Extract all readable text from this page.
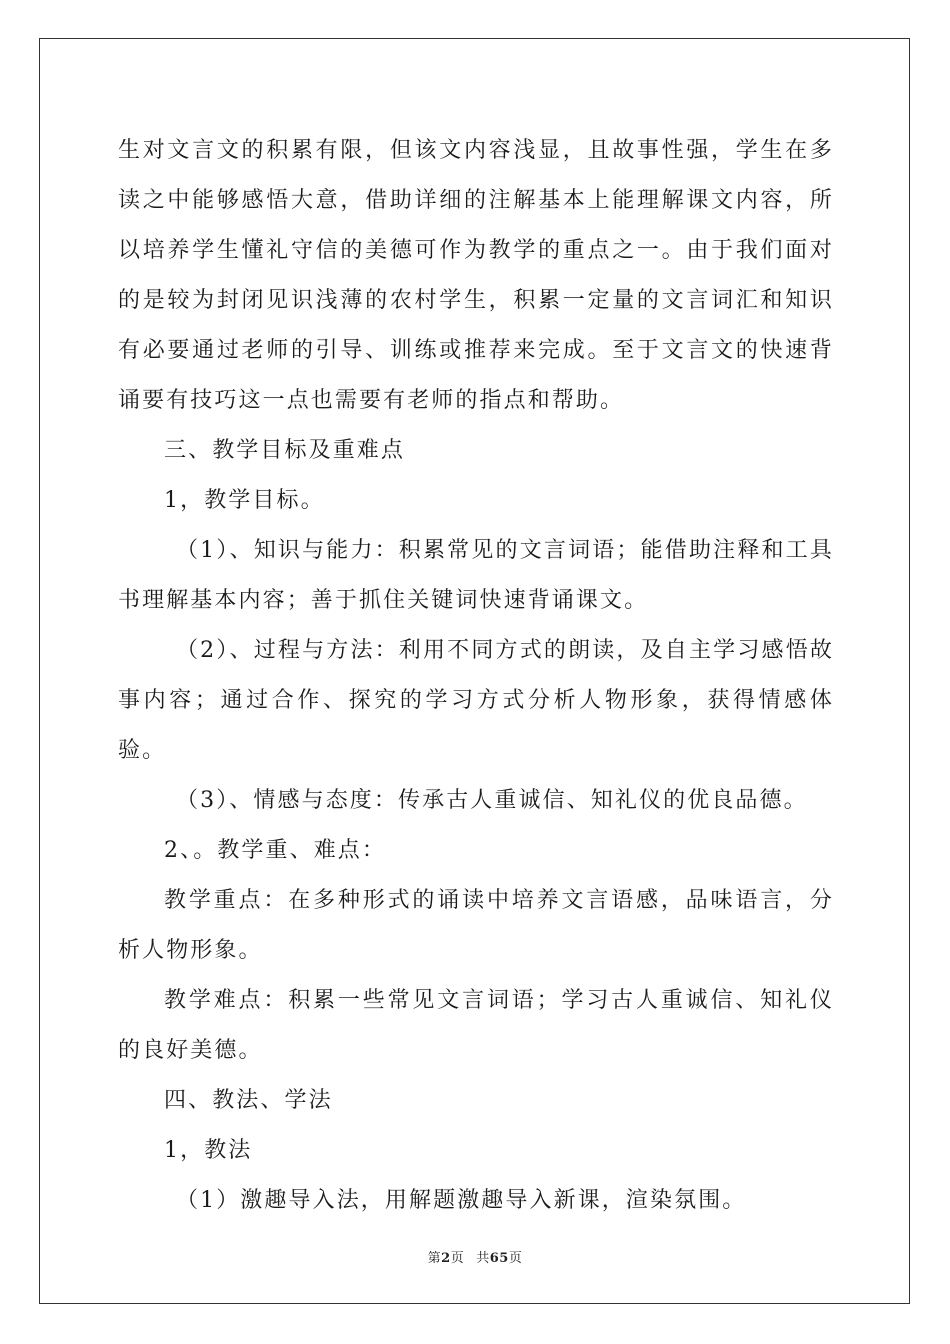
生对文言文的积累有限，但该文内容浅显，且故事性强，学生在多读之中能够感悟大意，借助详细的注解基本上能理解课文内容，所以培养学生懂礼守信的美德可作为教学的重点之一。由于我们面对的是较为封闭见识浅薄的农村学生，积累一定量的文言词汇和知识有必要通过老师的引导、训练或推荐来完成。至于文言文的快速背诵要有技巧这一点也需要有老师的指点和帮助。

三、教学目标及重难点

1，教学目标。

（1）、知识与能力：积累常见的文言词语；能借助注释和工具书理解基本内容；善于抓住关键词快速背诵课文。

（2）、过程与方法：利用不同方式的朗读，及自主学习感悟故事内容；通过合作、探究的学习方式分析人物形象，获得情感体验。

（3）、情感与态度：传承古人重诚信、知礼仪的优良品德。

2、。教学重、难点：

教学重点：在多种形式的诵读中培养文言语感，品味语言，分析人物形象。

教学难点：积累一些常见文言词语；学习古人重诚信、知礼仪的良好美德。

四、教法、学法

1，教法

（1）激趣导入法，用解题激趣导入新课，渲染氛围。

第2页 共65页
